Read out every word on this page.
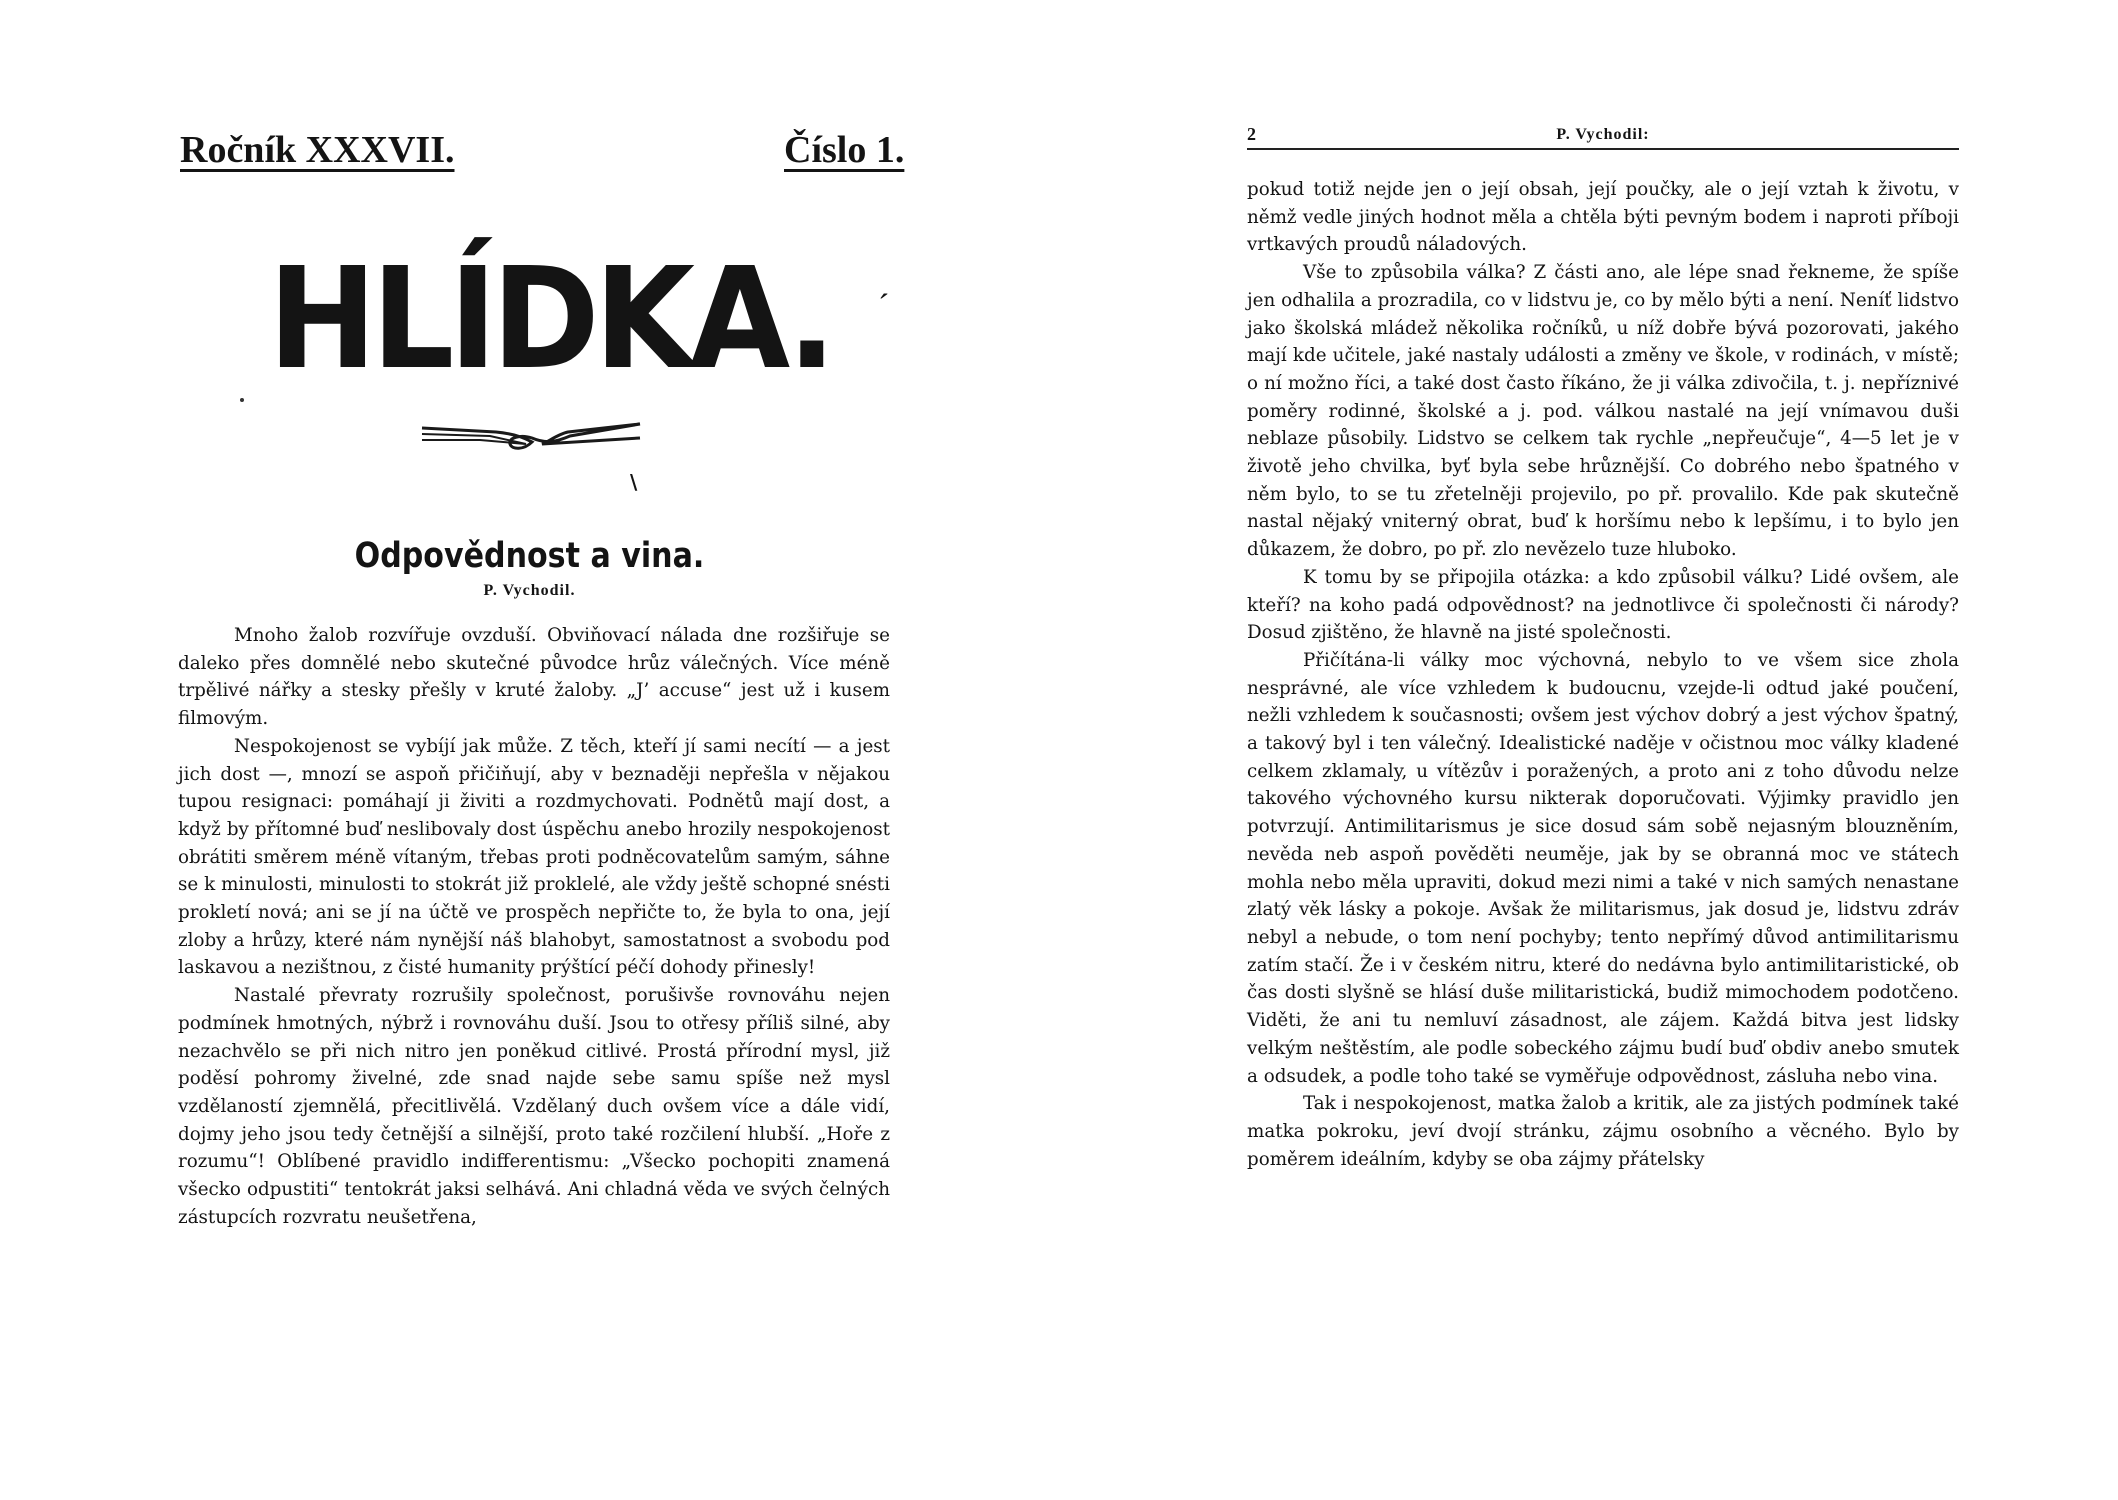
Ročník XXXVII.	Číslo 1.
HLÍDKA. ´
\
Odpovědnost a vina.
P. Vychodil.

Mnoho žalob rozvířuje ovzduší. Obviňovací nálada dne rozšiřuje se daleko přes domnělé nebo skutečné původce hrůz válečných. Více méně trpělivé nářky a stesky přešly v kruté žaloby. „J’ accuse“ jest už i kusem filmovým.

Nespokojenost se vybíjí jak může. Z těch, kteří jí sami necítí — a jest jich dost —, mnozí se aspoň přičiňují, aby v beznaději nepřešla v nějakou tupou resignaci: pomáhají ji živiti a rozdmychovati. Podnětů mají dost, a když by přítomné buď neslibovaly dost úspěchu anebo hrozily nespokojenost obrátiti směrem méně vítaným, třebas proti podněcovatelům samým, sáhne se k minulosti, minulosti to stokrát již proklelé, ale vždy ještě schopné snésti prokletí nová; ani se jí na účtě ve prospěch nepřičte to, že byla to ona, její zloby a hrůzy, které nám nynější náš blahobyt, samostatnost a svobodu pod laskavou a nezištnou, z čisté humanity prýštící péčí dohody přinesly!

Nastalé převraty rozrušily společnost, porušivše rovnováhu nejen podmínek hmotných, nýbrž i rovnováhu duší. Jsou to otřesy příliš silné, aby nezachvělo se při nich nitro jen poněkud citlivé. Prostá přírodní mysl, již poděsí pohromy živelné, zde snad najde sebe samu spíše než mysl vzdělaností zjemnělá, přecitlivělá. Vzdělaný duch ovšem více a dále vidí, dojmy jeho jsou tedy četnější a silnější, proto také rozčilení hlubší. „Hoře z rozumu“! Oblíbené pravidlo indifferentismu: „Všecko pochopiti znamená všecko odpustiti“ tentokrát jaksi selhává. Ani chladná věda ve svých čelných zástupcích rozvratu neušetřena,

2	P. Vychodil:

pokud totiž nejde jen o její obsah, její poučky, ale o její vztah k životu, v němž vedle jiných hodnot měla a chtěla býti pevným bodem i naproti příboji vrtkavých proudů náladových.

Vše to způsobila válka? Z části ano, ale lépe snad řekneme, že spíše jen odhalila a prozradila, co v lidstvu je, co by mělo býti a není. Neníť lidstvo jako školská mládež několika ročníků, u níž dobře bývá pozorovati, jakého mají kde učitele, jaké nastaly události a změny ve škole, v rodinách, v místě; o ní možno říci, a také dost často říkáno, že ji válka zdivočila, t. j. nepříznivé poměry rodinné, školské a j. pod. válkou nastalé na její vnímavou duši neblaze působily. Lidstvo se celkem tak rychle „nepřeučuje“, 4—5 let je v životě jeho chvilka, byť byla sebe hrůznější. Co dobrého nebo špatného v něm bylo, to se tu zřetelněji projevilo, po př. provalilo. Kde pak skutečně nastal nějaký vniterný obrat, buď k horšímu nebo k lepšímu, i to bylo jen důkazem, že dobro, po př. zlo nevězelo tuze hluboko.

K tomu by se připojila otázka: a kdo způsobil válku? Lidé ovšem, ale kteří? na koho padá odpovědnost? na jednotlivce či společnosti či národy? Dosud zjištěno, že hlavně na jisté společnosti.

Přičítána-li války moc výchovná, nebylo to ve všem sice zhola nesprávné, ale více vzhledem k budoucnu, vzejde-li odtud jaké poučení, nežli vzhledem k současnosti; ovšem jest výchov dobrý a jest výchov špatný, a takový byl i ten válečný. Idealistické naděje v očistnou moc války kladené celkem zklamaly, u vítězův i poražených, a proto ani z toho důvodu nelze takového výchovného kursu nikterak doporučovati. Výjimky pravidlo jen potvrzují. Antimilitarismus je sice dosud sám sobě nejasným blouzněním, nevěda neb aspoň pověděti neuměje, jak by se obranná moc ve státech mohla nebo měla upraviti, dokud mezi nimi a také v nich samých nenastane zlatý věk lásky a pokoje. Avšak že militarismus, jak dosud je, lidstvu zdráv nebyl a nebude, o tom není pochyby; tento nepřímý důvod antimilitarismu zatím stačí. Že i v českém nitru, které do nedávna bylo antimilitaristické, ob čas dosti slyšně se hlásí duše militaristická, budiž mimochodem podotčeno. Viděti, že ani tu nemluví zásadnost, ale zájem. Každá bitva jest lidsky velkým neštěstím, ale podle sobeckého zájmu budí buď obdiv anebo smutek a odsudek, a podle toho také se vyměřuje odpovědnost, zásluha nebo vina.

Tak i nespokojenost, matka žalob a kritik, ale za jistých podmínek také matka pokroku, jeví dvojí stránku, zájmu osobního a věcného. Bylo by poměrem ideálním, kdyby se oba zájmy přátelsky
